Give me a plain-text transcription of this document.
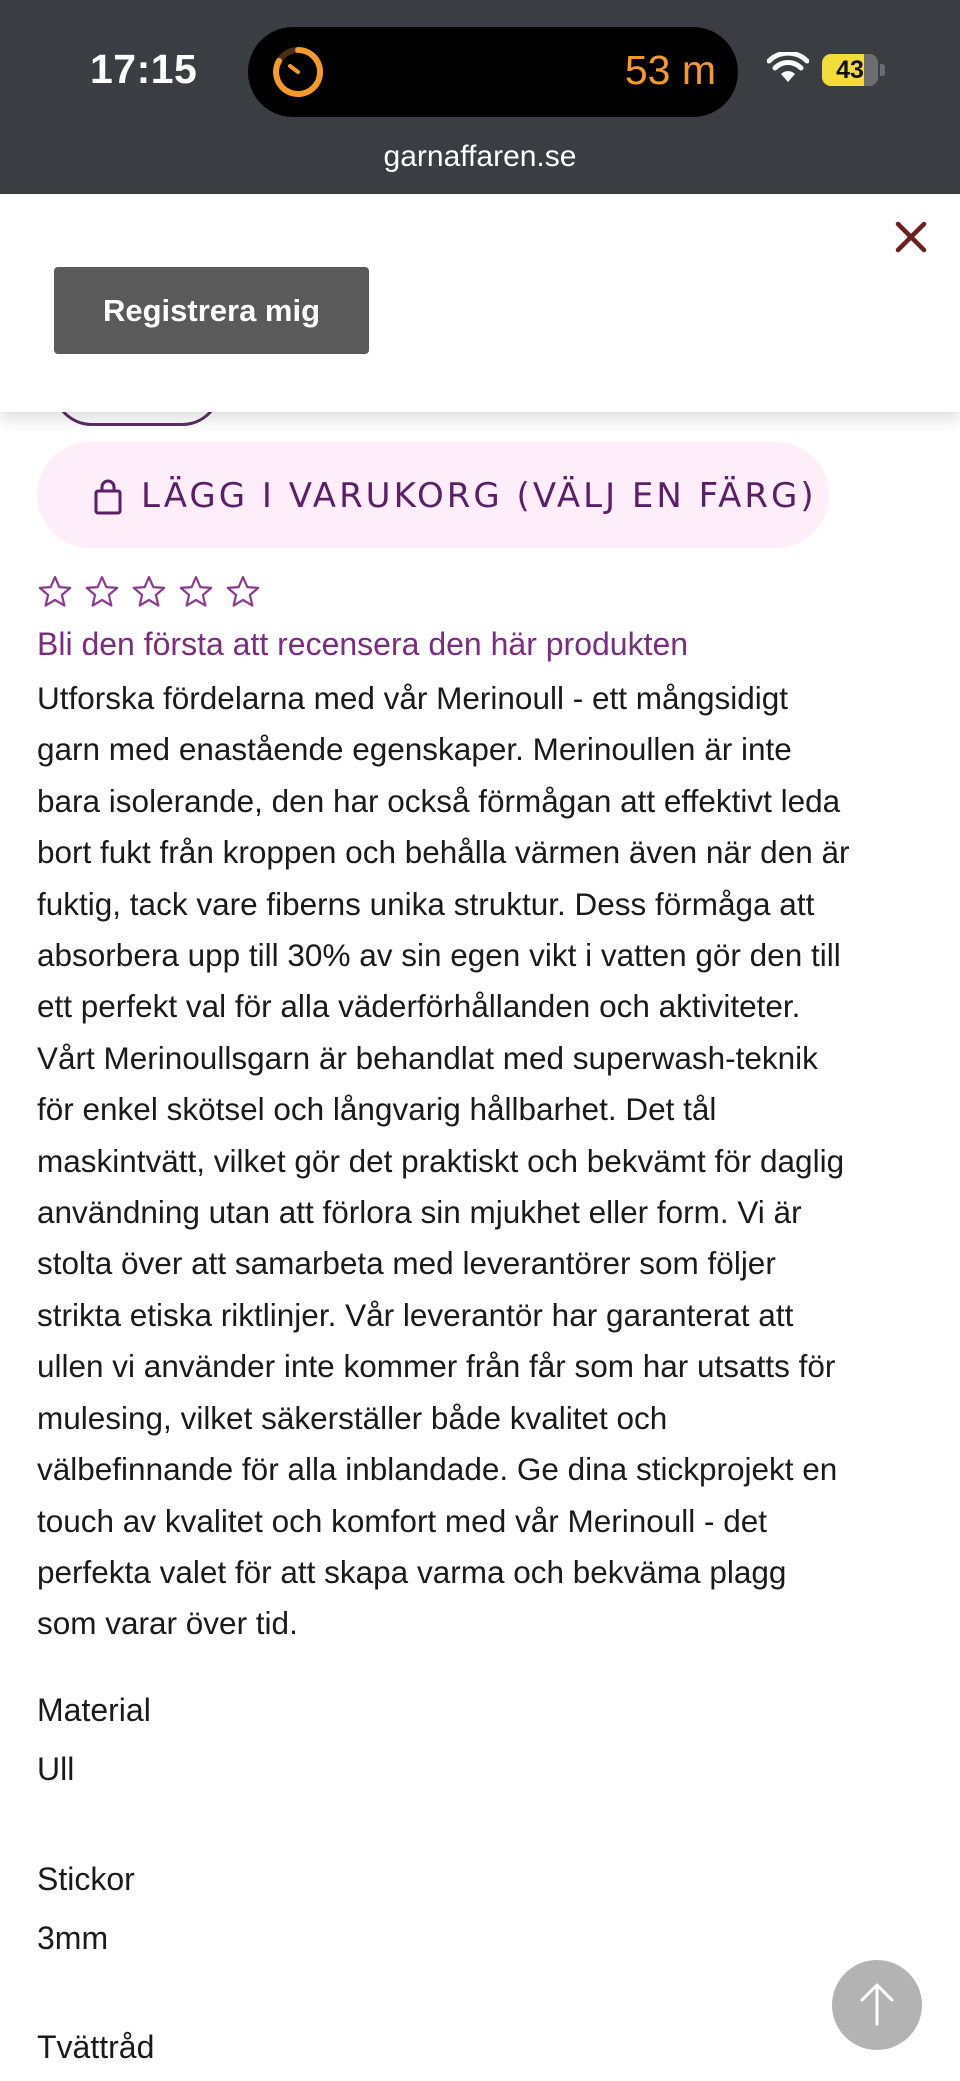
17:15	53 m	43
garnaffaren.se
Registrera mig
LÄGG I VARUKORG (VÄLJ EN FÄRG)
Bli den första att recensera den här produkten

Utforska fördelarna med vår Merinoull - ett mångsidigt
garn med enastående egenskaper. Merinoullen är inte
bara isolerande, den har också förmågan att effektivt leda
bort fukt från kroppen och behålla värmen även när den är
fuktig, tack vare fiberns unika struktur. Dess förmåga att
absorbera upp till 30% av sin egen vikt i vatten gör den till
ett perfekt val för alla väderförhållanden och aktiviteter.
Vårt Merinoullsgarn är behandlat med superwash-teknik
för enkel skötsel och långvarig hållbarhet. Det tål
maskintvätt, vilket gör det praktiskt och bekvämt för daglig
användning utan att förlora sin mjukhet eller form. Vi är
stolta över att samarbeta med leverantörer som följer
strikta etiska riktlinjer. Vår leverantör har garanterat att
ullen vi använder inte kommer från får som har utsatts för
mulesing, vilket säkerställer både kvalitet och
välbefinnande för alla inblandade. Ge dina stickprojekt en
touch av kvalitet och komfort med vår Merinoull - det
perfekta valet för att skapa varma och bekväma plagg
som varar över tid.

Material
Ull
Stickor
3mm
Tvättråd
